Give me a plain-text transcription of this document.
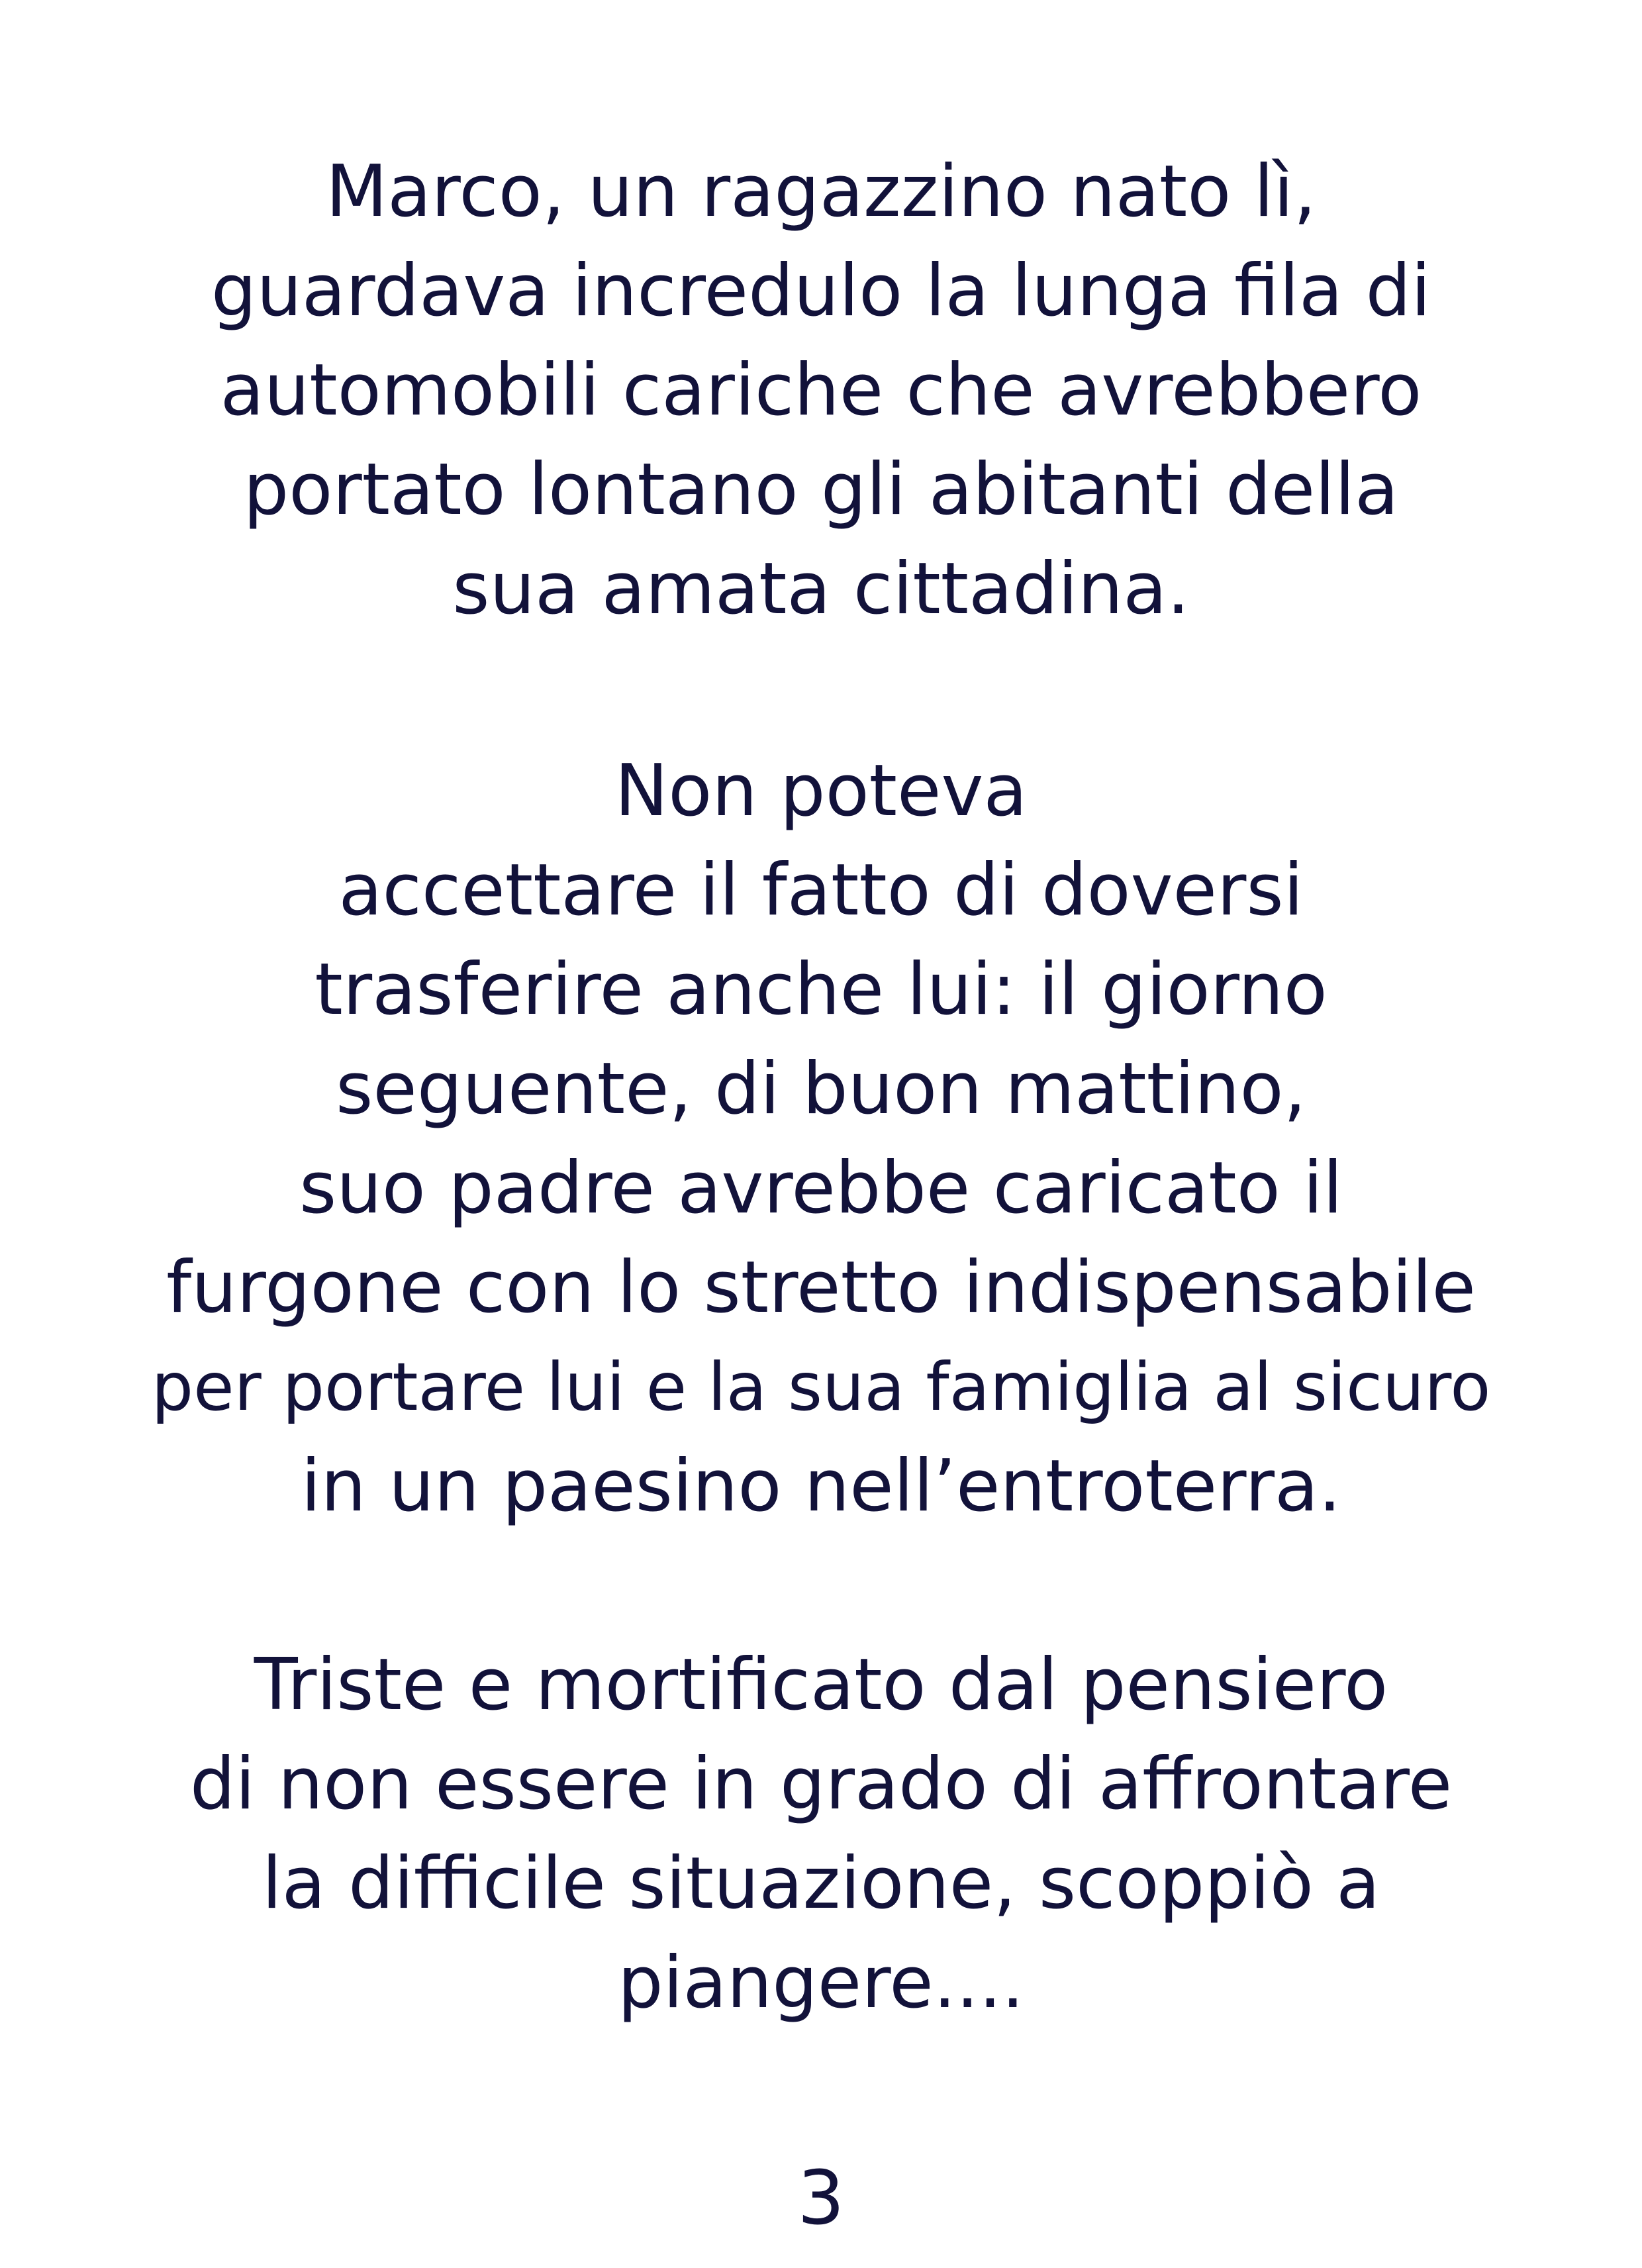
Marco, un ragazzino nato lì,
guardava incredulo la lunga fila di
automobili cariche che avrebbero
portato lontano gli abitanti della
sua amata cittadina.
Non poteva
accettare il fatto di doversi
trasferire anche lui: il giorno
seguente, di buon mattino,
suo padre avrebbe caricato il
furgone con lo stretto indispensabile
per portare lui e la sua famiglia al sicuro
in un paesino nell’entroterra.
Triste e mortificato dal pensiero
di non essere in grado di affrontare
la difficile situazione, scoppiò a
piangere....
3
